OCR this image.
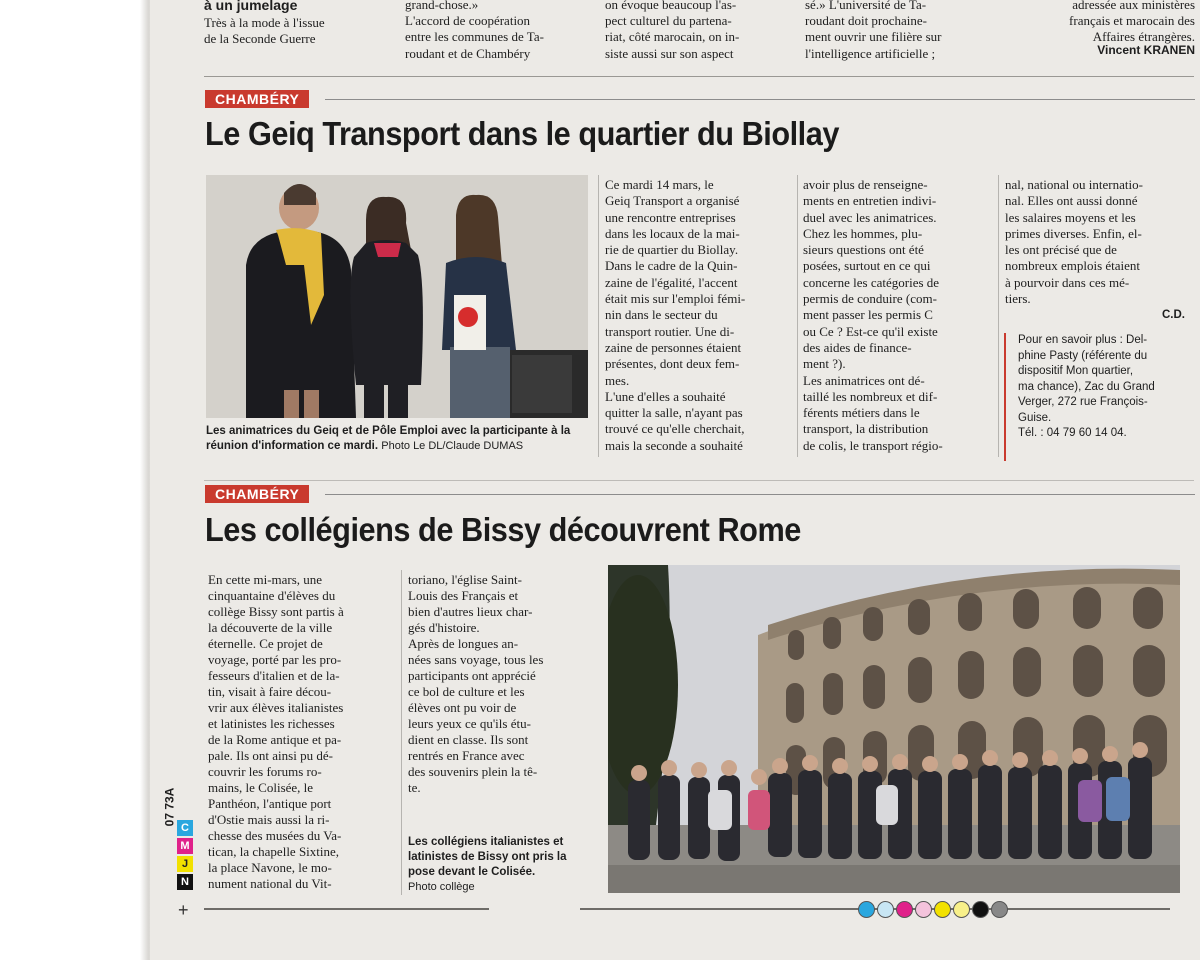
à un jumelage
Très à la mode à l'issue
de la Seconde Guerre
grand-chose.»
L'accord de coopération
entre les communes de Ta-
roudant et de Chambéry
on évoque beaucoup l'as-
pect culturel du partena-
riat, côté marocain, on in-
siste aussi sur son aspect
sé.» L'université de Ta-
roudant doit prochaine-
ment ouvrir une filière sur
l'intelligence artificielle ;
adressée aux ministères
français et marocain des
Affaires étrangères.
Vincent KRANEN
CHAMBÉRY
Le Geiq Transport dans le quartier du Biollay
Les animatrices du Geiq et de Pôle Emploi avec la participante à la réunion d'information ce mardi. Photo Le DL/Claude DUMAS
Ce mardi 14 mars, le
Geiq Transport a organisé
une rencontre entreprises
dans les locaux de la mai-
rie de quartier du Biollay.
Dans le cadre de la Quin-
zaine de l'égalité, l'accent
était mis sur l'emploi fémi-
nin dans le secteur du
transport routier. Une di-
zaine de personnes étaient
présentes, dont deux fem-
mes.
L'une d'elles a souhaité
quitter la salle, n'ayant pas
trouvé ce qu'elle cherchait,
mais la seconde a souhaité
avoir plus de renseigne-
ments en entretien indivi-
duel avec les animatrices.
Chez les hommes, plu-
sieurs questions ont été
posées, surtout en ce qui
concerne les catégories de
permis de conduire (com-
ment passer les permis C
ou Ce ? Est-ce qu'il existe
des aides de finance-
ment ?).
Les animatrices ont dé-
taillé les nombreux et dif-
férents métiers dans le
transport, la distribution
de colis, le transport régio-
nal, national ou internatio-
nal. Elles ont aussi donné
les salaires moyens et les
primes diverses. Enfin, el-
les ont précisé que de
nombreux emplois étaient
à pourvoir dans ces mé-
tiers.
C.D.
Pour en savoir plus : Del-
phine Pasty (référente du
dispositif Mon quartier,
ma chance), Zac du Grand
Verger, 272 rue François-
Guise.
Tél. : 04 79 60 14 04.
CHAMBÉRY
Les collégiens de Bissy découvrent Rome
En cette mi-mars, une
cinquantaine d'élèves du
collège Bissy sont partis à
la découverte de la ville
éternelle. Ce projet de
voyage, porté par les pro-
fesseurs d'italien et de la-
tin, visait à faire décou-
vrir aux élèves italianistes
et latinistes les richesses
de la Rome antique et pa-
pale. Ils ont ainsi pu dé-
couvrir les forums ro-
mains, le Colisée, le
Panthéon, l'antique port
d'Ostie mais aussi la ri-
chesse des musées du Va-
tican, la chapelle Sixtine,
la place Navone, le mo-
nument national du Vit-
toriano, l'église Saint-
Louis des Français et
bien d'autres lieux char-
gés d'histoire.
Après de longues an-
nées sans voyage, tous les
participants ont apprécié
ce bol de culture et les
élèves ont pu voir de
leurs yeux ce qu'ils étu-
dient en classe. Ils sont
rentrés en France avec
des souvenirs plein la tê-
te.
Les collégiens italianistes et latinistes de Bissy ont pris la pose devant le Colisée.
Photo collège
07 73A
C
M
J
N
+
